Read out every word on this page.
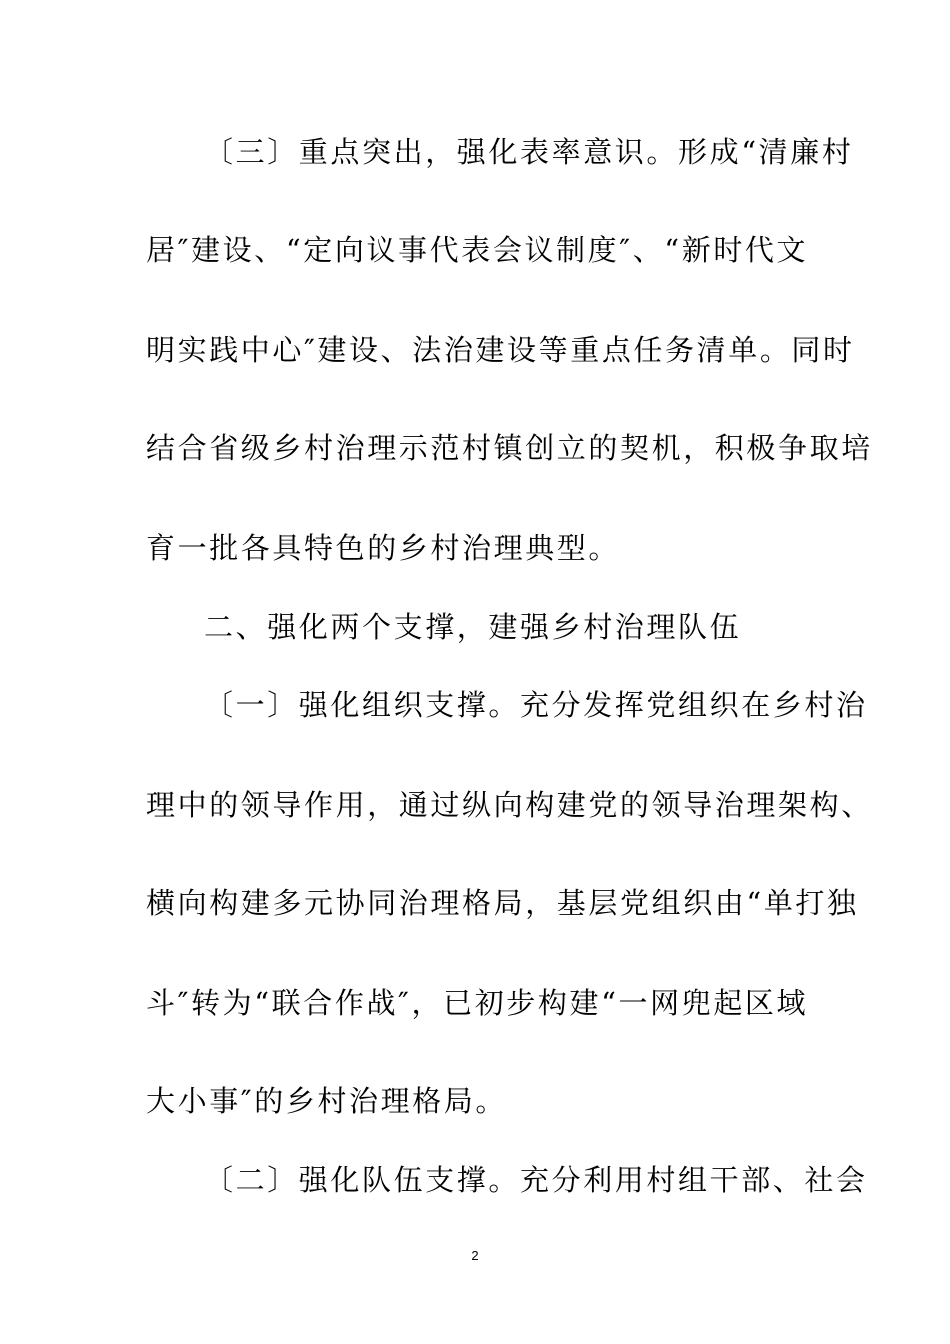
〔三〕重点突出，强化表率意识。形成“清廉村
居″建设、“定向议事代表会议制度″、“新时代文
明实践中心″建设、法治建设等重点任务清单。同时
结合省级乡村治理示范村镇创立的契机，积极争取培
育一批各具特色的乡村治理典型。
二、强化两个支撑，建强乡村治理队伍
〔一〕强化组织支撑。充分发挥党组织在乡村治
理中的领导作用，通过纵向构建党的领导治理架构、
横向构建多元协同治理格局，基层党组织由“单打独
斗″转为“联合作战″，已初步构建“一网兜起区域
大小事″的乡村治理格局。
〔二〕强化队伍支撑。充分利用村组干部、社会
2
